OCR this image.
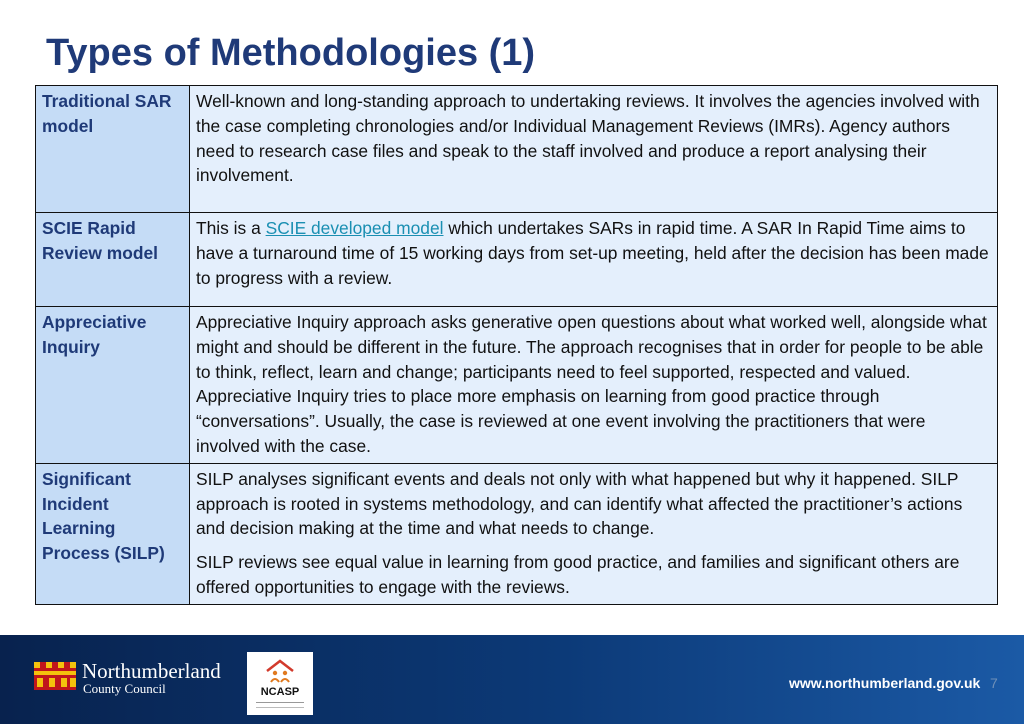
Types of Methodologies (1)
Traditional SAR model	Well-known and long-standing approach to undertaking reviews. It involves the agencies involved with the case completing chronologies and/or Individual Management Reviews (IMRs). Agency authors need to research case files and speak to the staff involved and produce a report analysing their involvement.

SCIE Rapid Review model	This is a SCIE developed model which undertakes SARs in rapid time. A SAR In Rapid Time aims to have a turnaround time of 15 working days from set-up meeting, held after the decision has been made to progress with a review.

Appreciative Inquiry	Appreciative Inquiry approach asks generative open questions about what worked well, alongside what might and should be different in the future. The approach recognises that in order for people to be able to think, reflect, learn and change; participants need to feel supported, respected and valued. Appreciative Inquiry tries to place more emphasis on learning from good practice through “conversations”. Usually, the case is reviewed at one event involving the practitioners that were involved with the case.

Significant Incident Learning Process (SILP)	SILP analyses significant events and deals not only with what happened but why it happened. SILP approach is rooted in systems methodology, and can identify what affected the practitioner’s actions and decision making at the time and what needs to change.

SILP reviews see equal value in learning from good practice, and families and significant others are offered opportunities to engage with the reviews.

Northumberland
County Council	NCASP
www.northumberland.gov.uk 7
